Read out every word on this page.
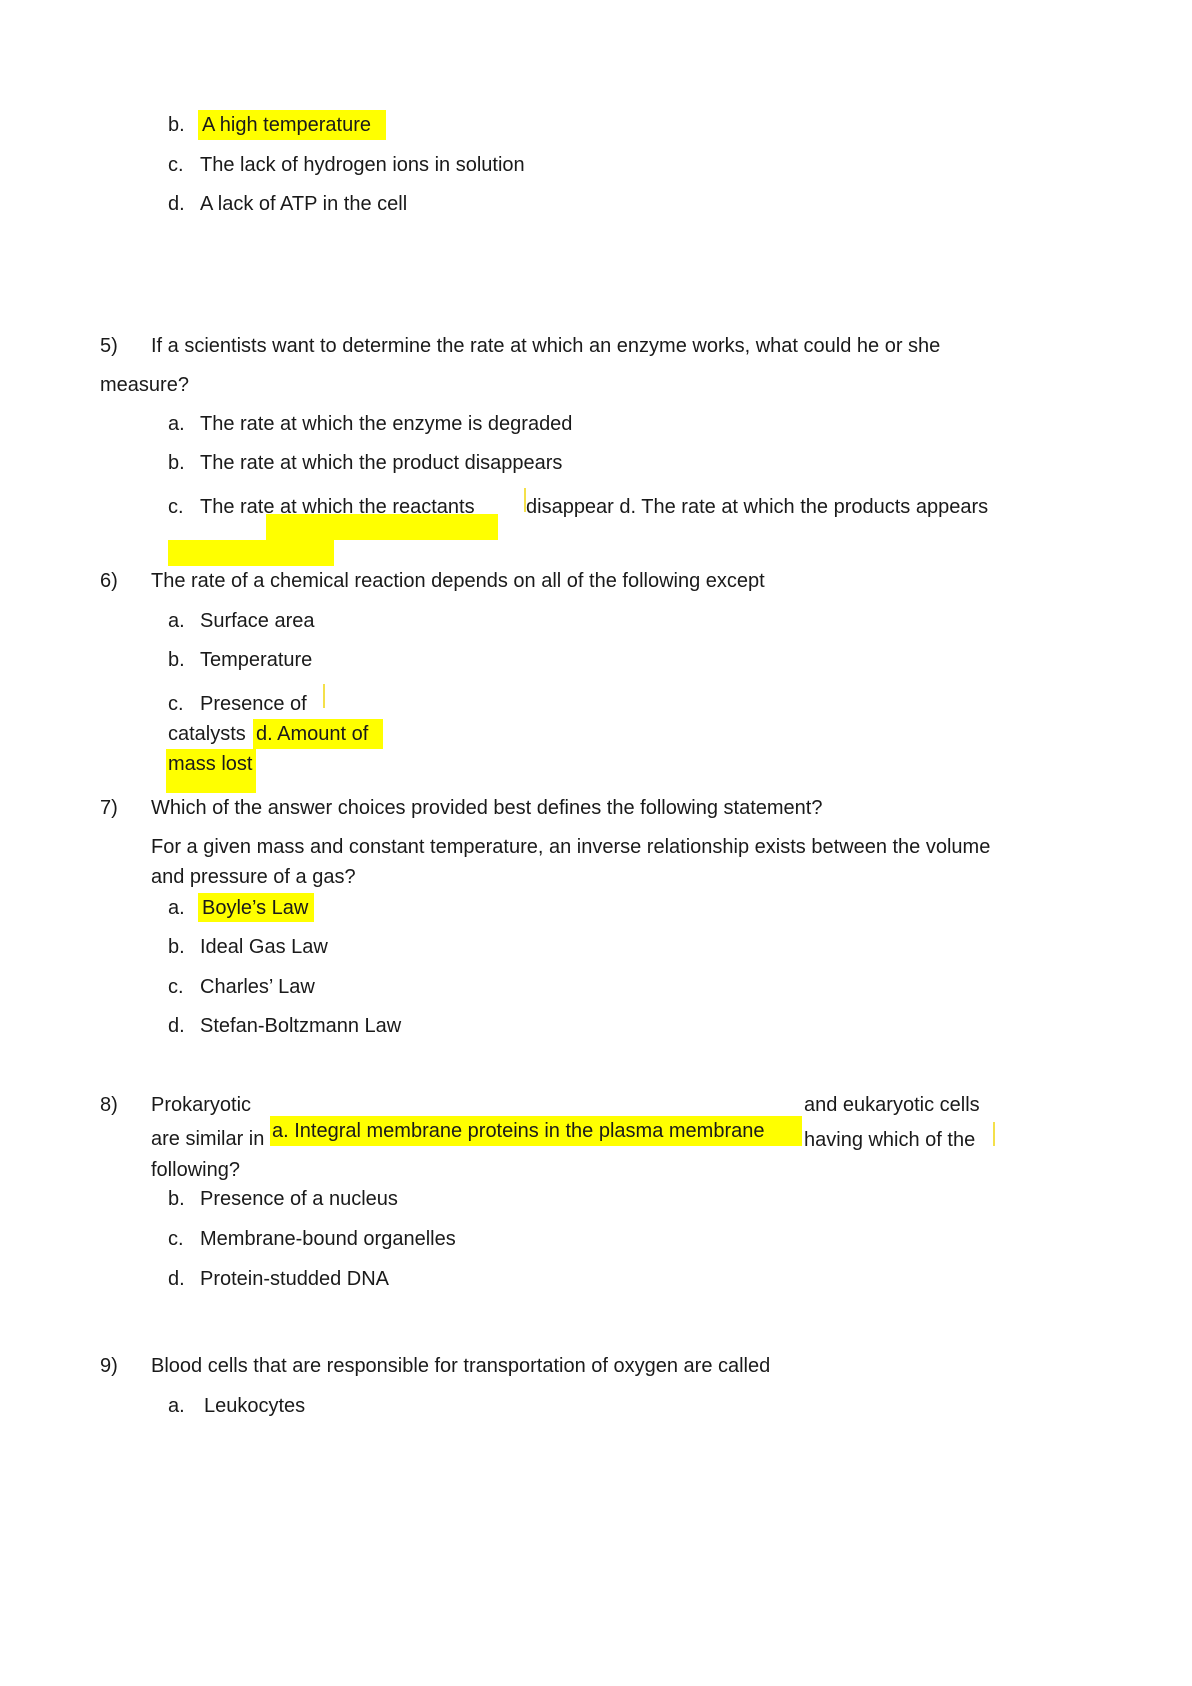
b. A high temperature
c. The lack of hydrogen ions in solution
d. A lack of ATP in the cell
5) If a scientists want to determine the rate at which an enzyme works, what could he or she
measure?
a. The rate at which the enzyme is degraded
b. The rate at which the product disappears
c. The rate at which the reactants	disappear d. The rate at which the products appears
6) The rate of a chemical reaction depends on all of the following except
a. Surface area
b. Temperature
c. Presence of
catalysts d. Amount of
mass lost
7) Which of the answer choices provided best defines the following statement?
For a given mass and constant temperature, an inverse relationship exists between the volume
and pressure of a gas?
a. Boyle’s Law
b. Ideal Gas Law
c. Charles’ Law
d. Stefan-Boltzmann Law
8) Prokaryotic	and eukaryotic cells
are similar in a. Integral membrane proteins in the plasma membrane having which of the
following?
b. Presence of a nucleus
c. Membrane-bound organelles
d. Protein-studded DNA
9) Blood cells that are responsible for transportation of oxygen are called
a. Leukocytes
